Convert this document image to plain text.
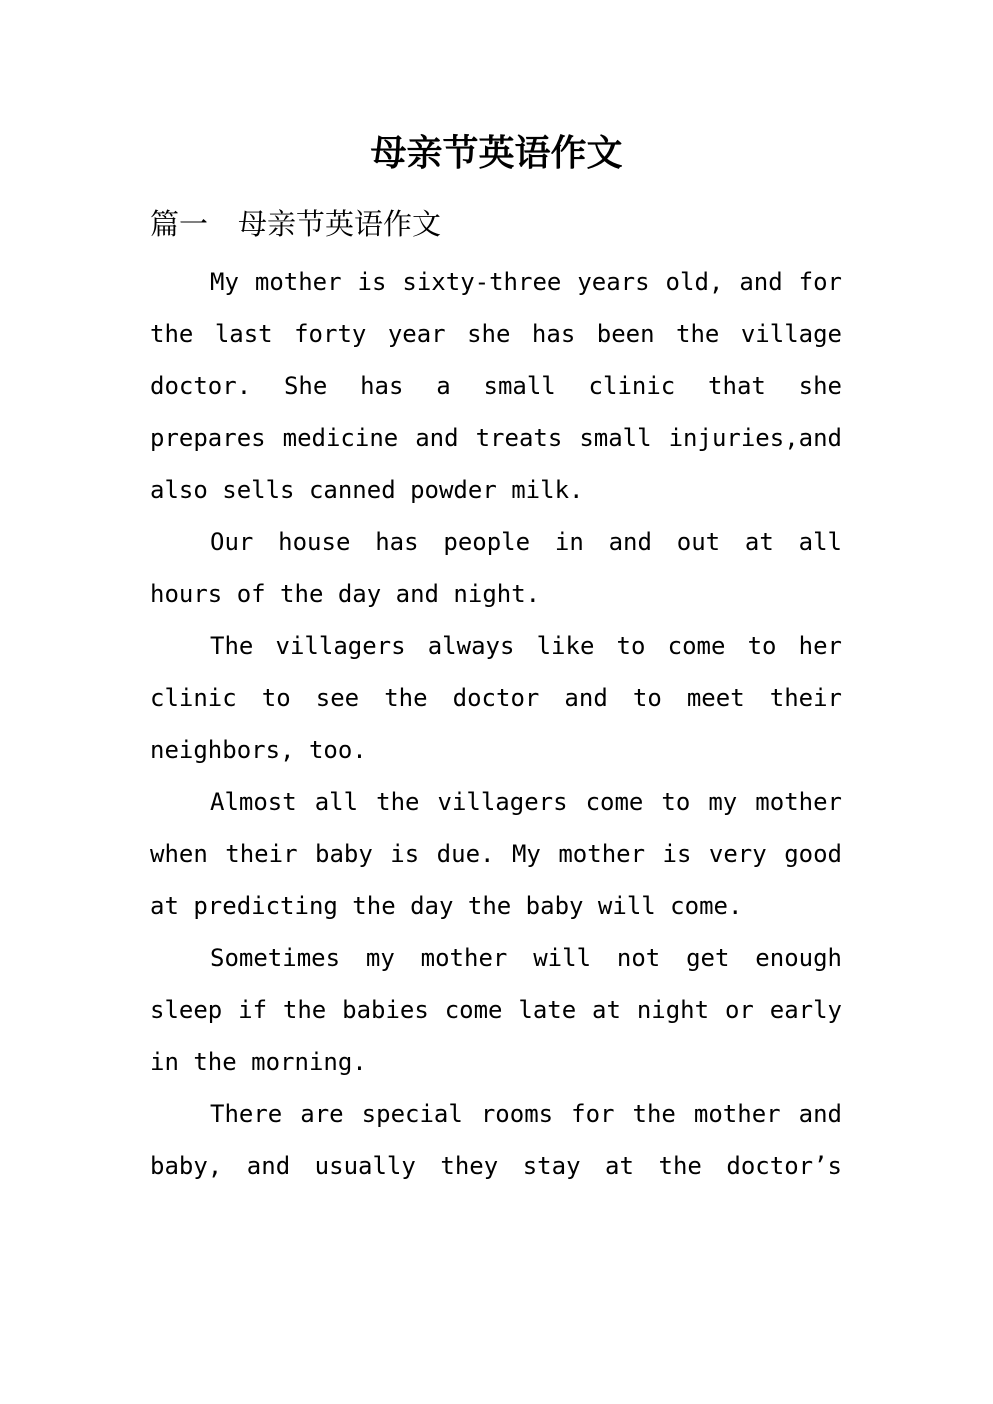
母亲节英语作文
篇一 母亲节英语作文

My mother is sixty-three years old, and for the last forty year she has been the village doctor. She has a small clinic that she prepares medicine and treats small injuries,and also sells canned powder milk.

Our house has people in and out at all hours of the day and night.

The villagers always like to come to her clinic to see the doctor and to meet their neighbors, too.

Almost all the villagers come to my mother when their baby is due. My mother is very good at predicting the day the baby will come.

Sometimes my mother will not get enough sleep if the babies come late at night or early in the morning.

There are special rooms for the mother and baby, and usually they stay at the doctor’s
